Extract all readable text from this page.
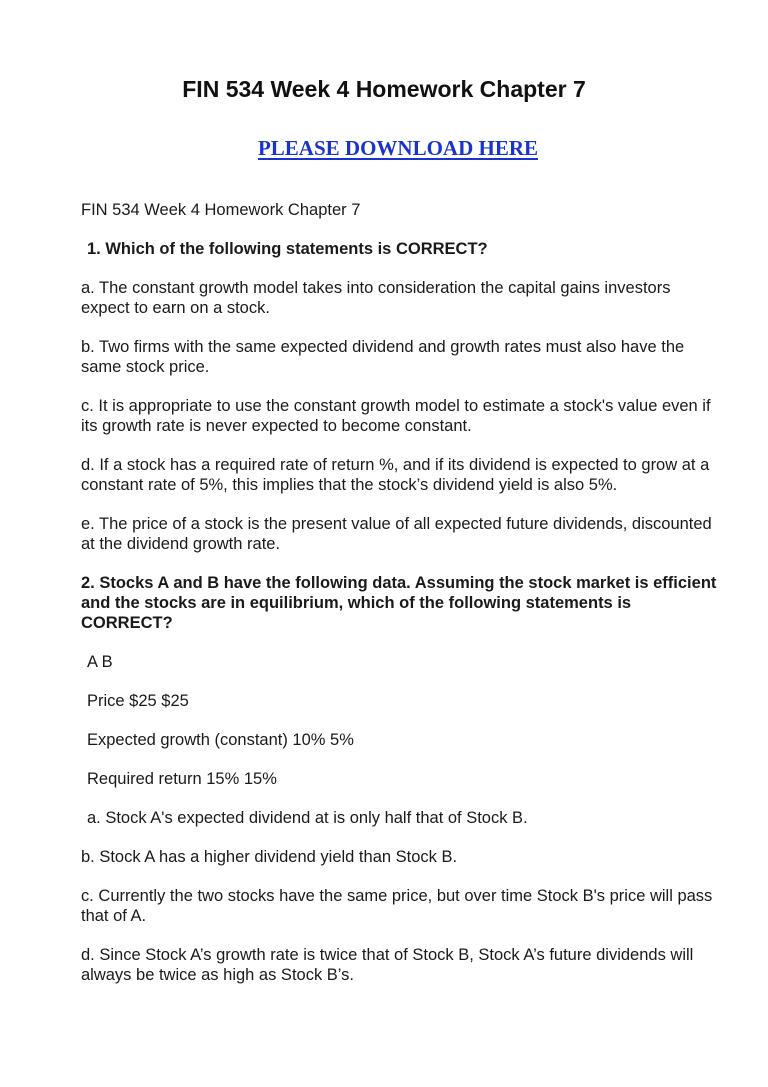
FIN 534 Week 4 Homework Chapter 7
PLEASE DOWNLOAD HERE

FIN 534 Week 4 Homework Chapter 7

1. Which of the following statements is CORRECT?

a. The constant growth model takes into consideration the capital gains investors expect to earn on a stock.

b. Two firms with the same expected dividend and growth rates must also have the same stock price.

c. It is appropriate to use the constant growth model to estimate a stock's value even if its growth rate is never expected to become constant.

d. If a stock has a required rate of return %, and if its dividend is expected to grow at a constant rate of 5%, this implies that the stock’s dividend yield is also 5%.

e. The price of a stock is the present value of all expected future dividends, discounted at the dividend growth rate.

2. Stocks A and B have the following data. Assuming the stock market is efficient and the stocks are in equilibrium, which of the following statements is CORRECT?

A B

Price $25 $25

Expected growth (constant) 10% 5%

Required return 15% 15%

a. Stock A's expected dividend at is only half that of Stock B.

b. Stock A has a higher dividend yield than Stock B.

c. Currently the two stocks have the same price, but over time Stock B's price will pass that of A.

d. Since Stock A’s growth rate is twice that of Stock B, Stock A’s future dividends will always be twice as high as Stock B’s.
